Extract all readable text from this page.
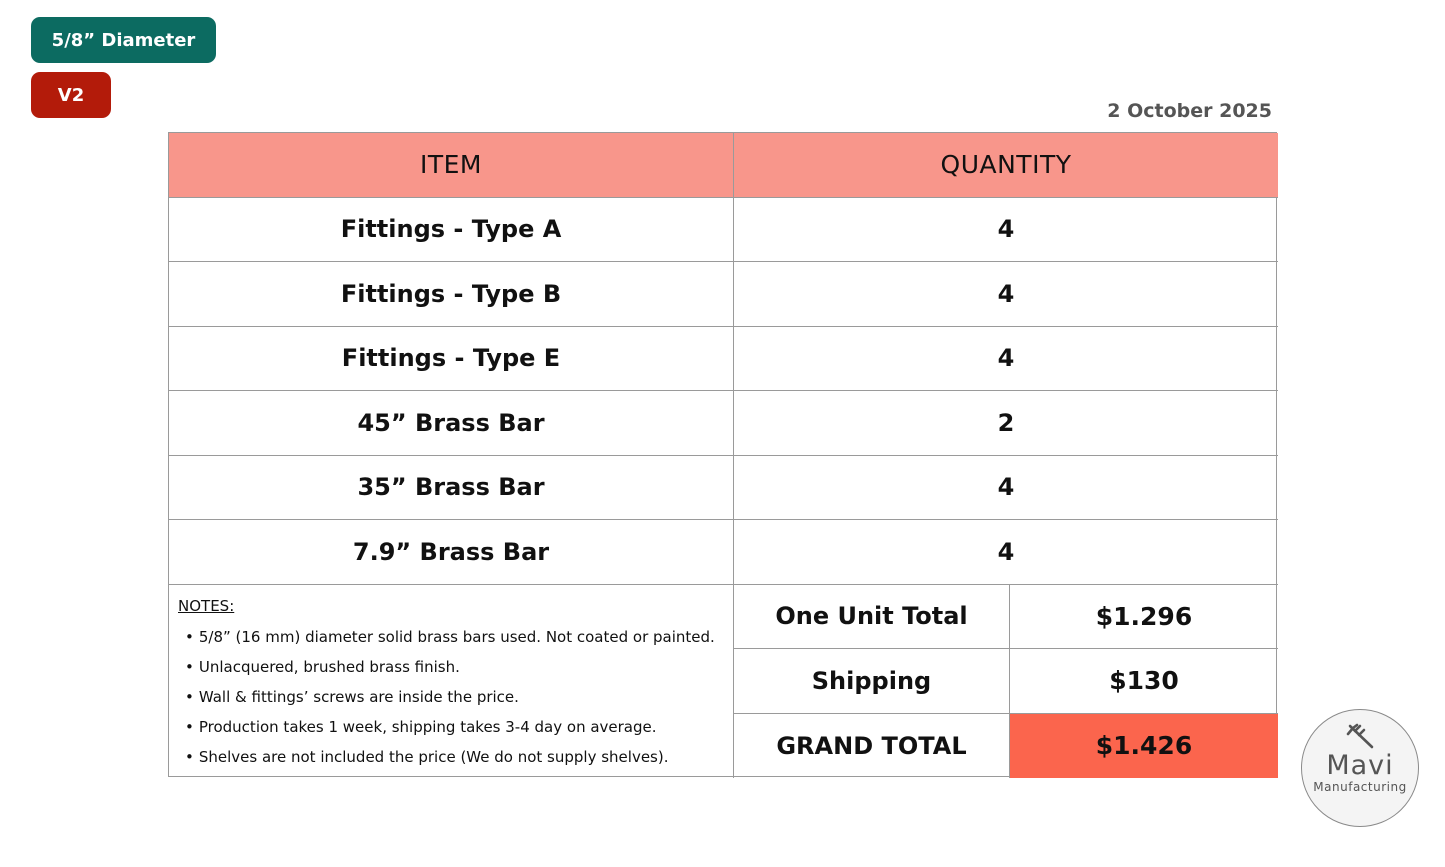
5/8” Diameter
V2
2 October 2025
ITEM	QUANTITY
Fittings - Type A	4
Fittings - Type B	4
Fittings - Type E	4
45” Brass Bar	2
35” Brass Bar	4
7.9” Brass Bar	4
NOTES:
• 5/8” (16 mm) diameter solid brass bars used. Not coated or painted.
• Unlacquered, brushed brass finish.
• Wall & fittings’ screws are inside the price.
• Production takes 1 week, shipping takes 3-4 day on average.
• Shelves are not included the price (We do not supply shelves).
One Unit Total	$1.296
Shipping	$130
GRAND TOTAL	$1.426
Mavi
Manufacturing
